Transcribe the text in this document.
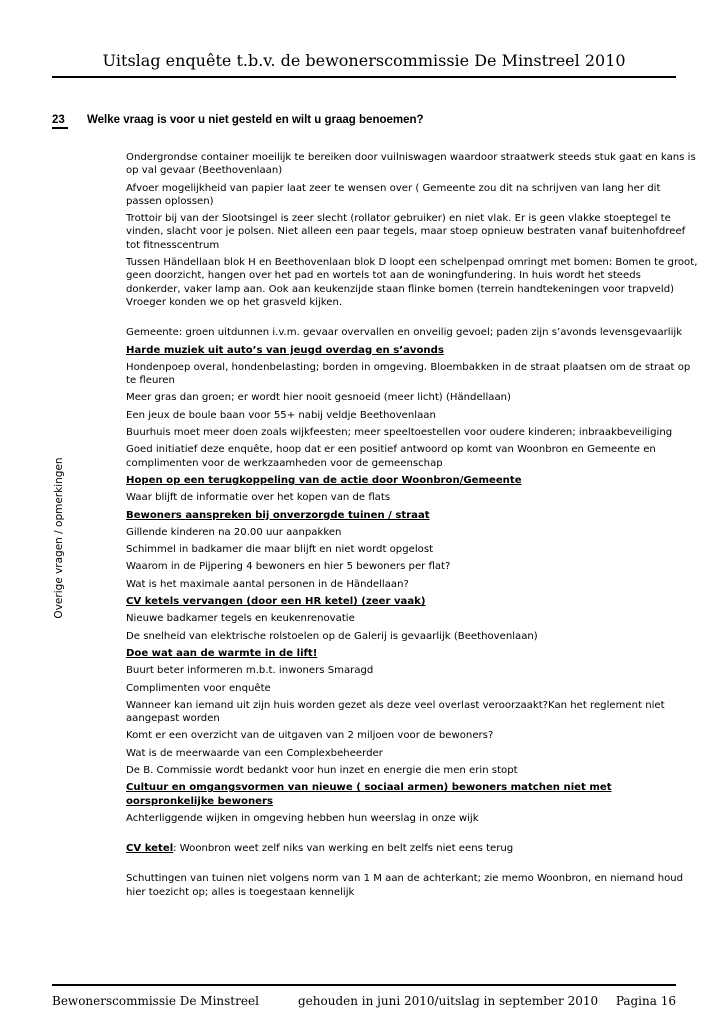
Uitslag enquête t.b.v. de bewonerscommissie De Minstreel 2010
23 Welke vraag is voor u niet gesteld en wilt u graag benoemen?
Overige vragen / opmerkingen

Ondergrondse container moeilijk te bereiken door vuilniswagen waardoor straatwerk steeds stuk gaat en kans is op val gevaar (Beethovenlaan)

Afvoer mogelijkheid van papier laat zeer te wensen over ( Gemeente zou dit na schrijven van lang her dit passen oplossen)

Trottoir bij van der Slootsingel is zeer slecht (rollator gebruiker) en niet vlak. Er is geen vlakke stoeptegel te vinden, slacht voor je polsen. Niet alleen een paar tegels, maar stoep opnieuw bestraten vanaf buitenhofdreef tot fitnesscentrum

Tussen Händellaan blok H en Beethovenlaan blok D loopt een schelpenpad omringt met bomen: Bomen te groot, geen doorzicht, hangen over het pad en wortels tot aan de woningfundering. In huis wordt het steeds donkerder, vaker lamp aan. Ook aan keukenzijde staan flinke bomen (terrein handtekeningen voor trapveld) Vroeger konden we op het grasveld kijken.

Gemeente: groen uitdunnen i.v.m. gevaar overvallen en onveilig gevoel; paden zijn s’avonds levensgevaarlijk

Harde muziek uit auto’s van jeugd overdag en s’avonds

Hondenpoep overal, hondenbelasting; borden in omgeving. Bloembakken in de straat plaatsen om de straat op te fleuren

Meer gras dan groen; er wordt hier nooit gesnoeid (meer licht) (Händellaan)

Een jeux de boule baan voor 55+ nabij veldje Beethovenlaan

Buurhuis moet meer doen zoals wijkfeesten; meer speeltoestellen voor oudere kinderen; inbraakbeveiliging

Goed initiatief deze enquête, hoop dat er een positief antwoord op komt van Woonbron en Gemeente en complimenten voor de werkzaamheden voor de gemeenschap

Hopen op een terugkoppeling van de actie door Woonbron/Gemeente

Waar blijft de informatie over het kopen van de flats

Bewoners aanspreken bij onverzorgde tuinen / straat

Gillende kinderen na 20.00 uur aanpakken

Schimmel in badkamer die maar blijft en niet wordt opgelost

Waarom in de Pijpering 4 bewoners en hier 5 bewoners per flat?

Wat is het maximale aantal personen in de Händellaan?

CV ketels vervangen (door een HR ketel) (zeer vaak)

Nieuwe badkamer tegels en keukenrenovatie

De snelheid van elektrische rolstoelen op de Galerij is gevaarlijk (Beethovenlaan)

Doe wat aan de warmte in de lift!

Buurt beter informeren m.b.t. inwoners Smaragd

Complimenten voor enquête

Wanneer kan iemand uit zijn huis worden gezet als deze veel overlast veroorzaakt?Kan het reglement niet aangepast worden

Komt er een overzicht van de uitgaven van 2 miljoen voor de bewoners?

Wat is de meerwaarde van een Complexbeheerder

De B. Commissie wordt bedankt voor hun inzet en energie die men erin stopt

Cultuur en omgangsvormen van nieuwe ( sociaal armen) bewoners matchen niet met oorspronkelijke bewoners

Achterliggende wijken in omgeving hebben hun weerslag in onze wijk

CV ketel: Woonbron weet zelf niks van werking en belt zelfs niet eens terug

Schuttingen van tuinen niet volgens norm van 1 M aan de achterkant; zie memo Woonbron, en niemand houd hier toezicht op; alles is toegestaan kennelijk

Bewonerscommissie De Minstreel	gehouden in juni 2010/uitslag in september 2010 Pagina 16
